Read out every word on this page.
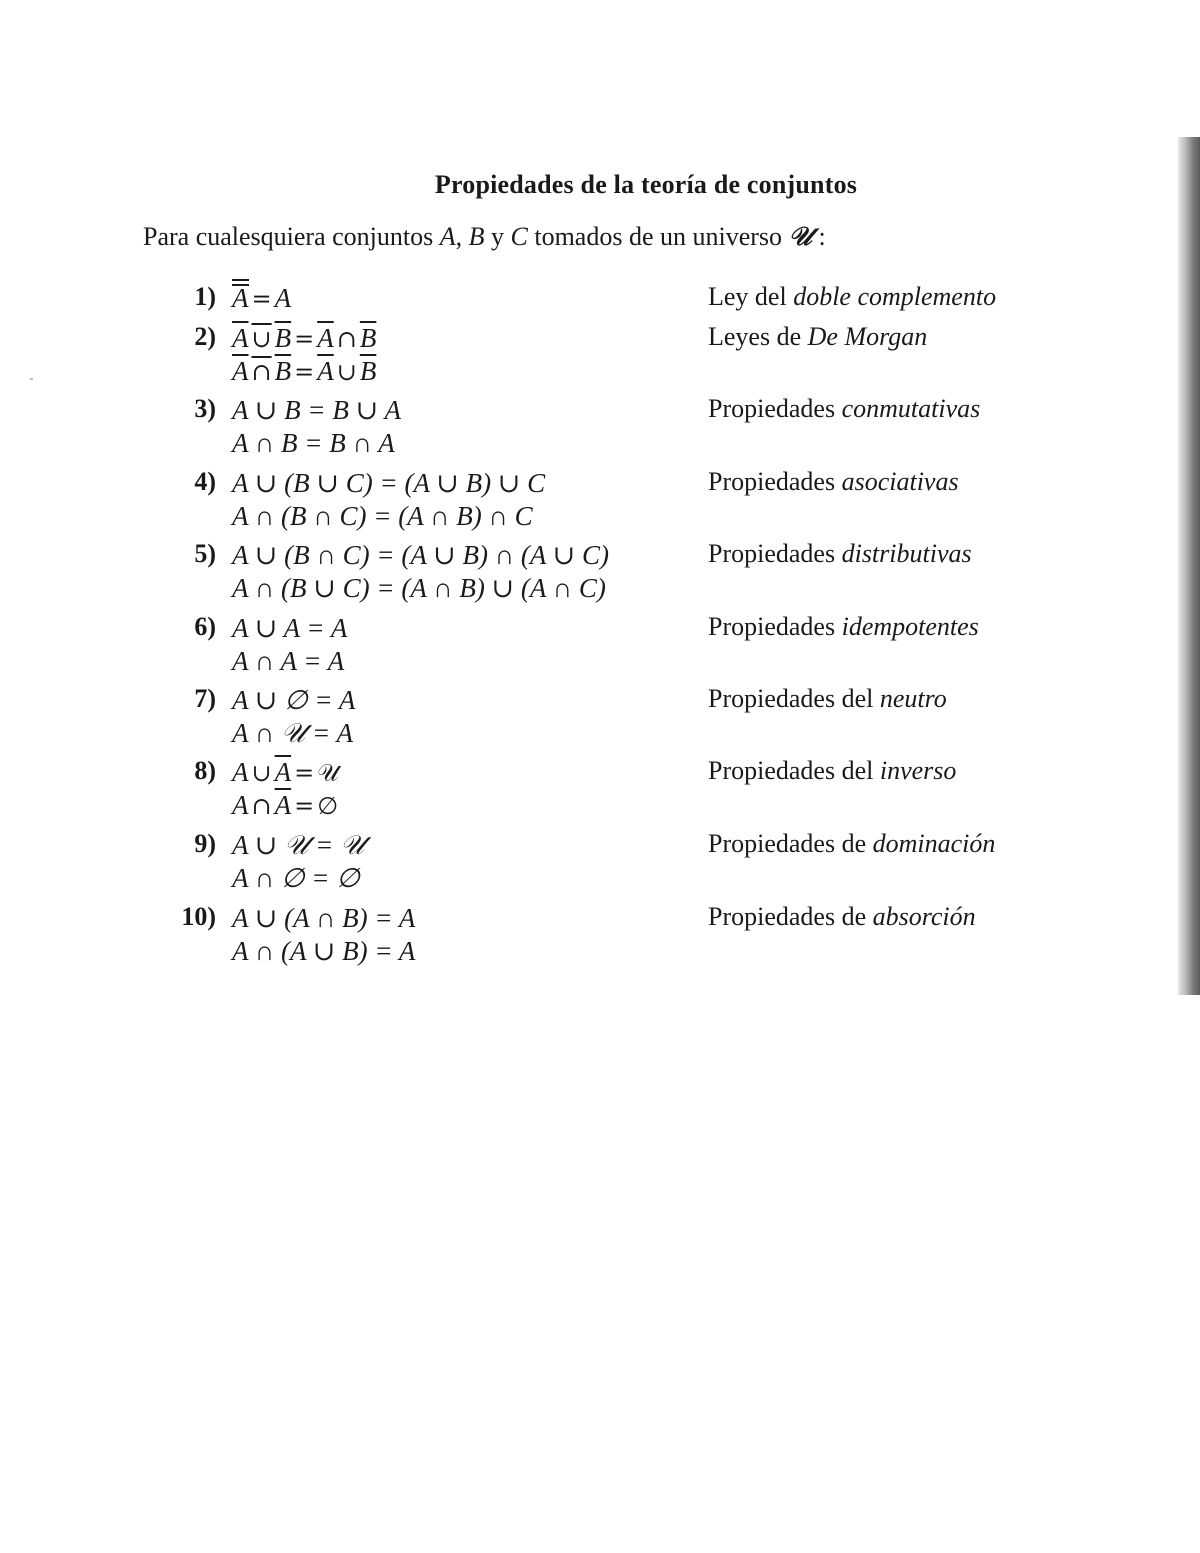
Propiedades de la teoría de conjuntos
Para cualesquiera conjuntos A, B y C tomados de un universo 𝒰 :
1) A = A	Ley del doble complemento
2) A ∪ $B = \overline{A}$ ∩ $\overline{B}$
A ∩ $B = \overline{A}$ ∪ $\overline{B}$
Leyes de De Morgan
3) A ∪ B = B ∪ A
A ∩ B = B ∩ A
Propiedades conmutativas
4) A ∪ (B ∪ C) = (A ∪ B) ∪ C
A ∩ (B ∩ C) = (A ∩ B) ∩ C
Propiedades asociativas
5) A ∪ (B ∩ C) = (A ∪ B) ∩ (A ∪ C)
A ∩ (B ∪ C) = (A ∩ B) ∪ (A ∩ C)
Propiedades distributivas
6) A ∪ A = A
A ∩ A = A
Propiedades idempotentes
7) A ∪ ∅ = A
A ∩ 𝒰 = A
Propiedades del neutro
8) A ∪ $\overline{A}$ = 𝒰
A ∩ $\overline{A}$ = ∅
Propiedades del inverso
9) A ∪ 𝒰 = 𝒰
A ∩ ∅ = ∅
Propiedades de dominación
10) A ∪ (A ∩ B) = A
A ∩ (A ∪ B) = A
Propiedades de absorción
